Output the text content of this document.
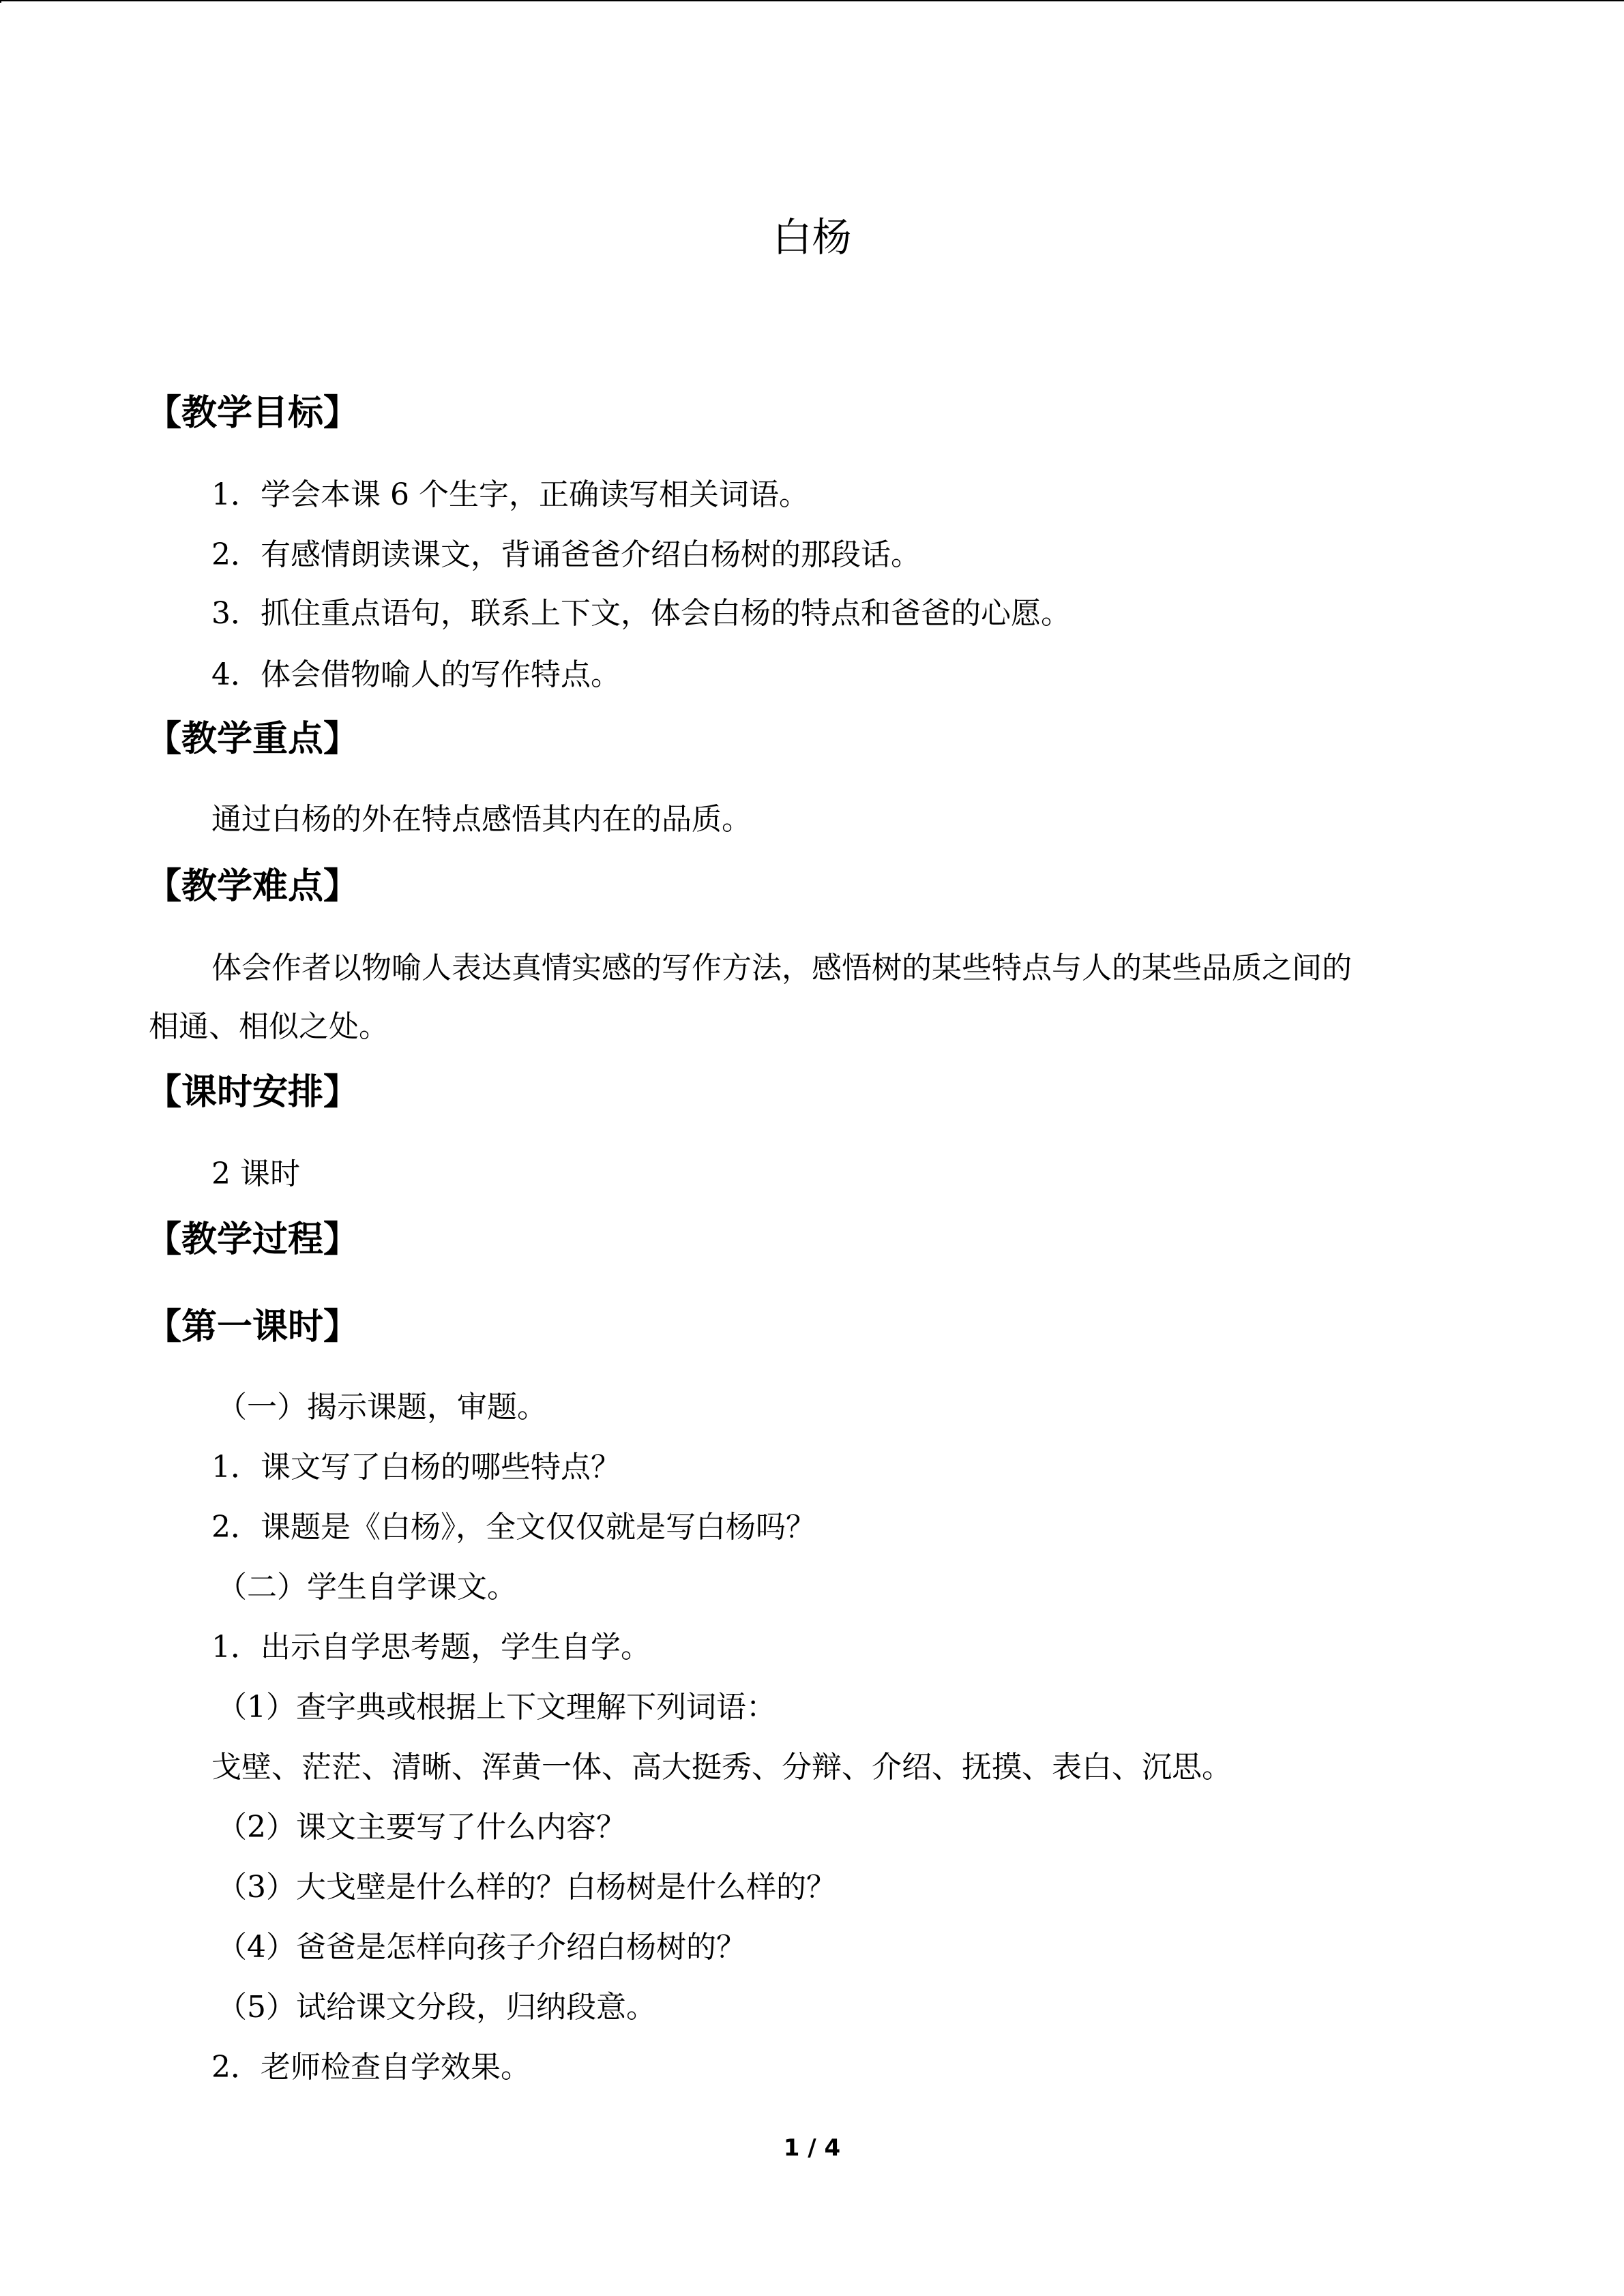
白杨
【教学目标】
1．学会本课 6 个生字，正确读写相关词语。
2．有感情朗读课文，背诵爸爸介绍白杨树的那段话。
3．抓住重点语句，联系上下文，体会白杨的特点和爸爸的心愿。
4．体会借物喻人的写作特点。
【教学重点】
通过白杨的外在特点感悟其内在的品质。
【教学难点】
体会作者以物喻人表达真情实感的写作方法，感悟树的某些特点与人的某些品质之间的
相通、相似之处。
【课时安排】
2 课时
【教学过程】
【第一课时】
（一）揭示课题，审题。
1．课文写了白杨的哪些特点？
2．课题是《白杨》，全文仅仅就是写白杨吗？
（二）学生自学课文。
1．出示自学思考题，学生自学。
（1）查字典或根据上下文理解下列词语：
戈壁、茫茫、清晰、浑黄一体、高大挺秀、分辩、介绍、抚摸、表白、沉思。
（2）课文主要写了什么内容？
（3）大戈壁是什么样的？白杨树是什么样的？
（4）爸爸是怎样向孩子介绍白杨树的？
（5）试给课文分段，归纳段意。
2．老师检查自学效果。
1 / 4
